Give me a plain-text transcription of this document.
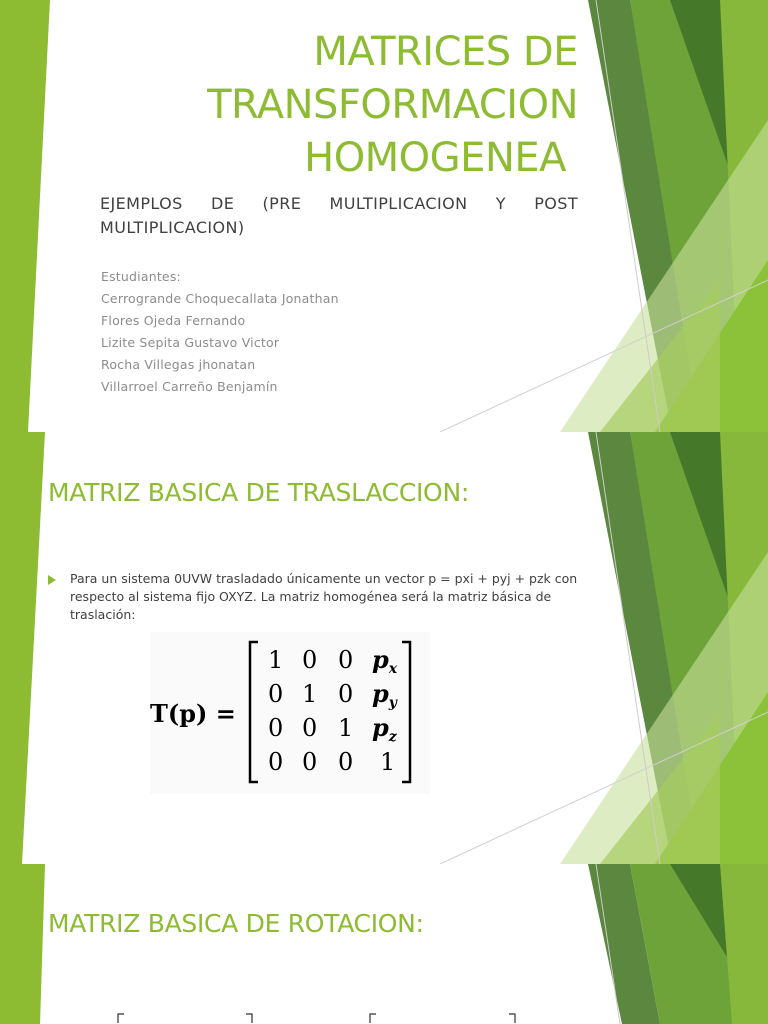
MATRICES DE
TRANSFORMACION
HOMOGENEA
EJEMPLOS DE (PRE MULTIPLICACION Y POST MULTIPLICACION)
Estudiantes:
Cerrogrande Choquecallata Jonathan
Flores Ojeda Fernando
Lizite Sepita Gustavo Victor
Rocha Villegas jhonatan
Villarroel Carreño Benjamín
MATRIZ BASICA DE TRASLACCION:
Para un sistema 0UVW trasladado únicamente un vector p = pxi + pyj + pzk con respecto al sistema fijo OXYZ. La matriz homogénea será la matriz básica de traslación:
T(p) =
1 0 0 $p_x$
0 1 0 $p_y$
0 0 1 $p_z$
0 0 0 1
MATRIZ BASICA DE ROTACION:
